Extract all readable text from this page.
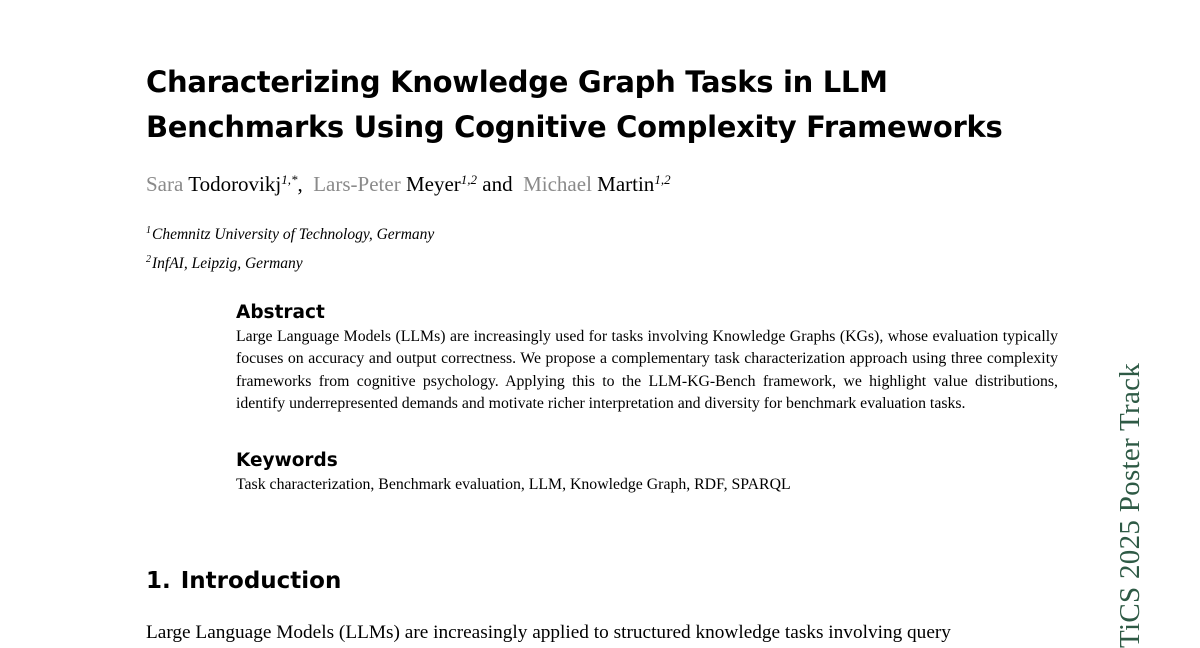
Characterizing Knowledge Graph Tasks in LLM
Benchmarks Using Cognitive Complexity Frameworks
Sara Todorovikj$^{1,*}$, Lars-Peter Meyer$^{1,2}$ and Michael Martin$^{1,2}$
$^1$Chemnitz University of Technology, Germany
$^2$InfAI, Leipzig, Germany
Abstract

Large Language Models (LLMs) are increasingly used for tasks involving Knowledge Graphs (KGs), whose evaluation typically focuses on accuracy and output correctness. We propose a complementary task characterization approach using three complexity frameworks from cognitive psychology. Applying this to the LLM-KG-Bench framework, we highlight value distributions, identify underrepresented demands and motivate richer interpretation and diversity for benchmark evaluation tasks.

Keywords

Task characterization, Benchmark evaluation, LLM, Knowledge Graph, RDF, SPARQL

1. Introduction

Large Language Models (LLMs) are increasingly applied to structured knowledge tasks involving query	TiCS 2025 Poster Track
